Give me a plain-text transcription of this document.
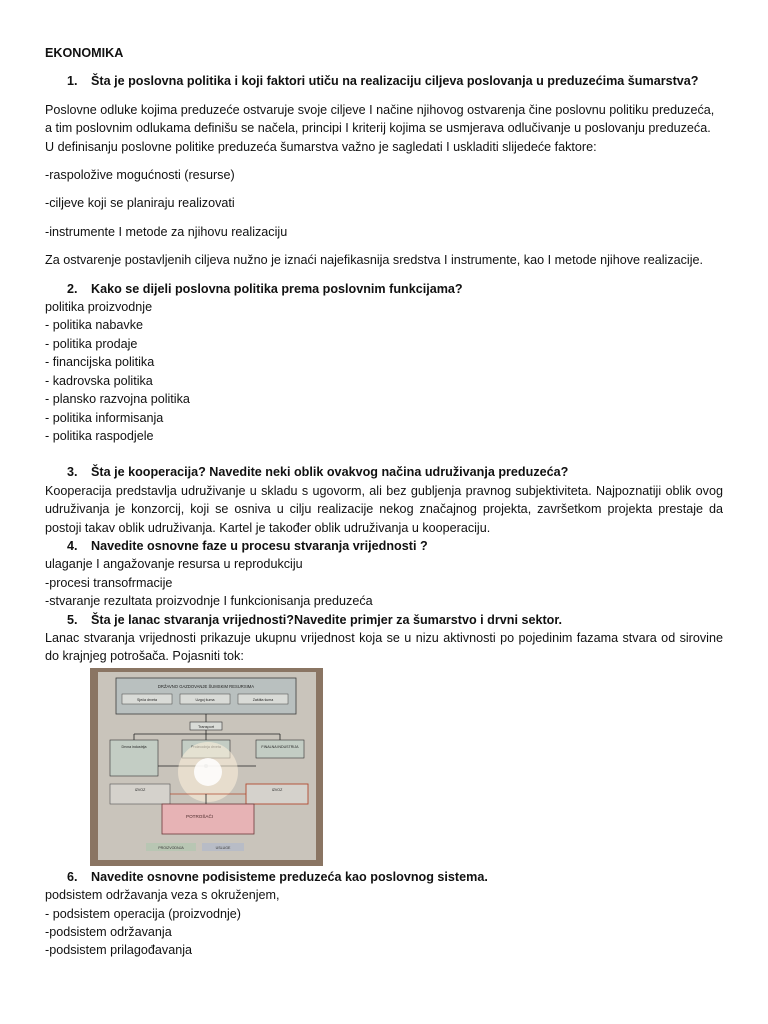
EKONOMIKA

1.	Šta je poslovna politika i koji faktori utiču na realizaciju cilјeva poslovanja u preduzećima šumarstva?

Poslovne odluke kojima preduzeće ostvaruje svoje cilјeve I načine njihovog ostvarenja čine poslovnu politiku preduzeća, a tim poslovnim odlukama definišu se načela, principi I kriterij kojima se usmjerava odlučivanje u poslovanju preduzeća. U definisanju poslovne politike preduzeća šumarstva važno je sagledati I uskladiti slijedeće faktore:

-raspoložive mogućnosti (resurse)

-cilјeve koji se planiraju realizovati

-instrumente I metode za njihovu realizaciju

Za ostvarenje postavlјenih cilјeva nužno je iznaći najefikasnija sredstva I instrumente, kao I metode njihove realizacije.

2.	Kako se dijeli poslovna politika prema poslovnim funkcijama?
politika proizvodnje
- politika nabavke
- politika prodaje
- financijska politika
- kadrovska politika
- plansko razvojna politika
- politika informisanja
- politika raspodjele
3.	Šta je kooperacija? Navedite neki oblik ovakvog načina udruživanja preduzeća?

Kooperacija predstavlja udruživanje u skladu s ugovorm, ali bez gublјenja pravnog subjektiviteta. Najpoznatiji oblik ovog udruživanja je konzorcij, koji se osniva u cilјu realizacije nekog značajnog projekta, završetkom projekta prestaje da postoji takav oblik udruživanja. Kartel je također oblik udruživanja u kooperaciju.

4.	Navedite osnovne faze u procesu stvaranja vrijednosti ?
ulaganje I angažovanje resursa u reprodukciju
-procesi transofrmacije
-stvaranje rezultata proizvodnje I funkcionisanja preduzeća
5.	Šta je lanac stvaranja vrijednosti?Navedite primjer za šumarstvo i drvni sektor.

Lanac stvaranja vrijednosti prikazuje ukupnu vrijednost koja se u nizu aktivnosti po pojedinim fazama stvara od sirovine do krajnjeg potrošača. Pojasniti tok:

DRŽAVNO GAZDOVANJE ŠUMSKIM RESURSIMA
Sječa drveta	Uzgoj šuma	Zaštita šuma
Transport
Drvna industrija	FINALNA INDUSTRIJA
IZVOZ	IZVOZ
POTROŠAČI
PROIZVODNJA	USLUGE
6.	Navedite osnovne podisisteme preduzeća kao poslovnog sistema.
podsistem održavanja veza s okruženjem,
- podsistem operacija (proizvodnje)
-podsistem održavanja
-podsistem prilagođavanja
